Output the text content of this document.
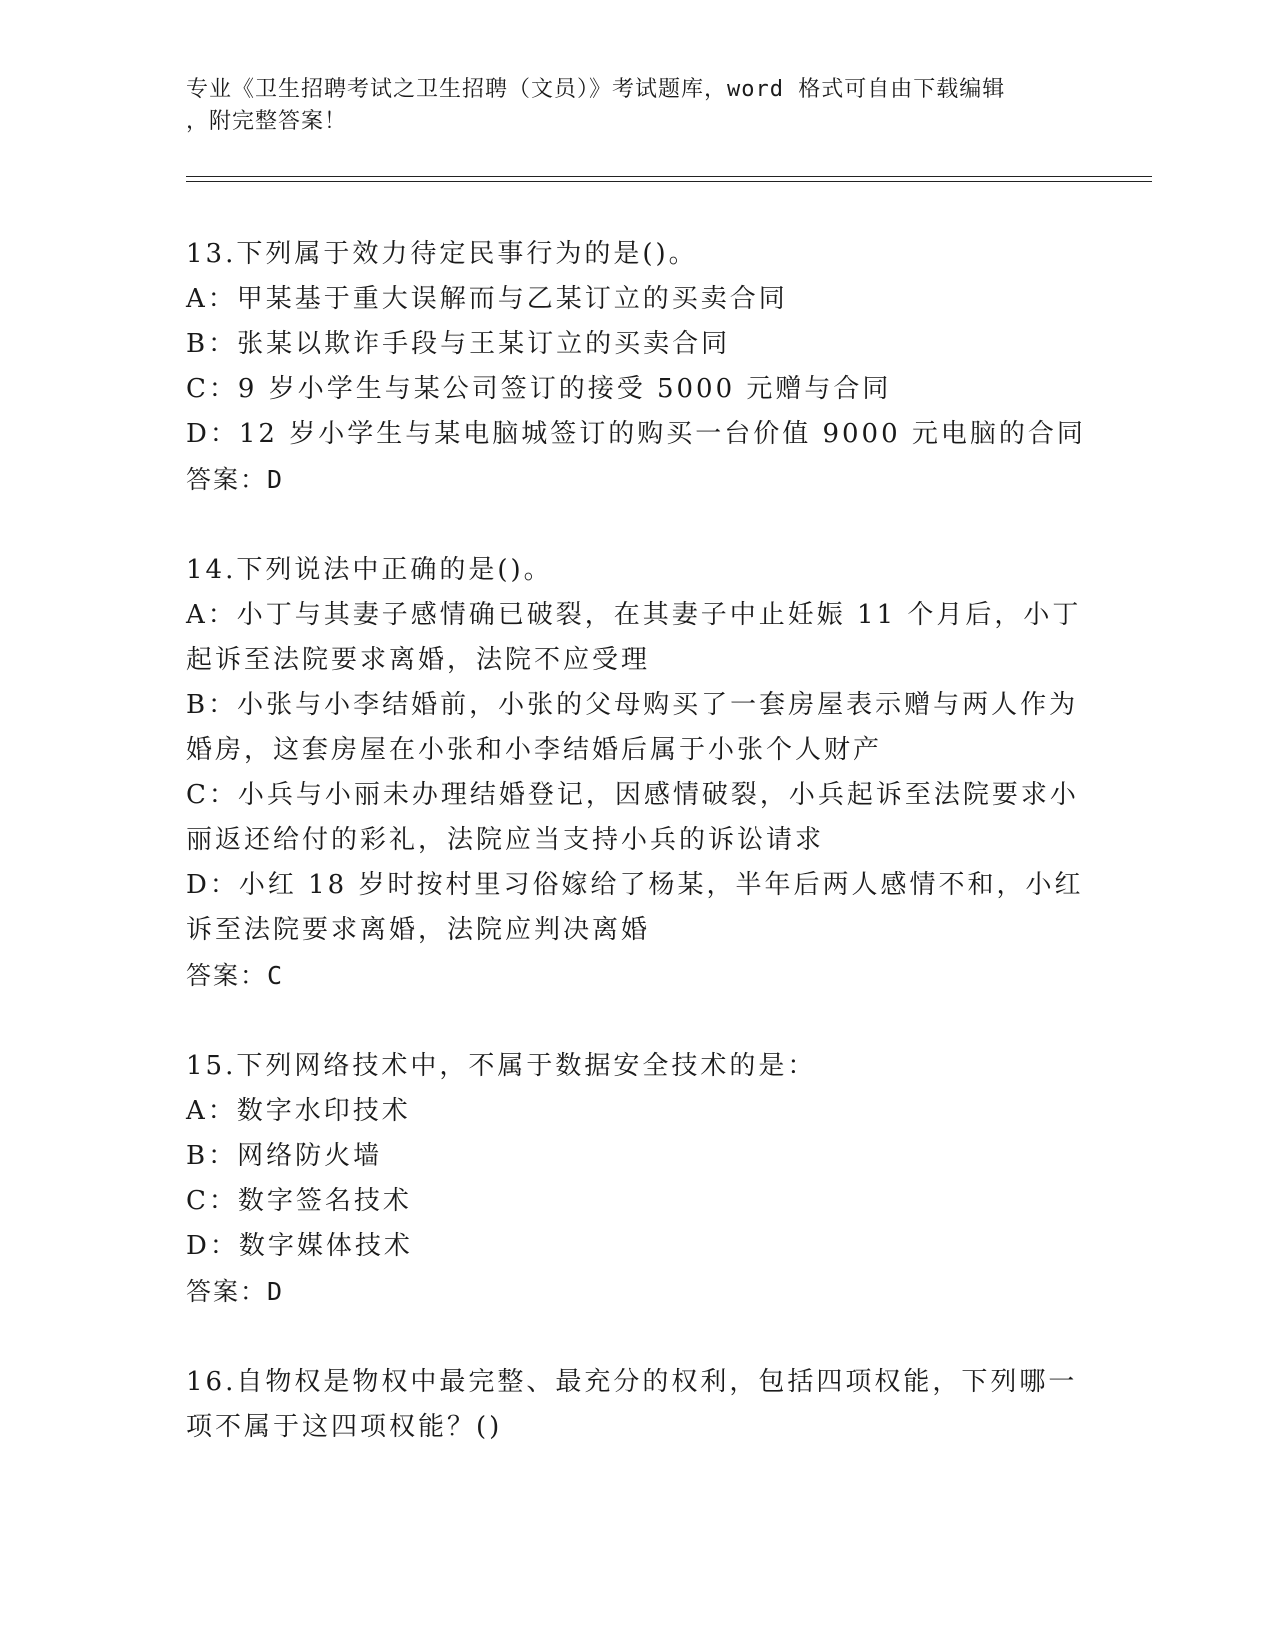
专业《卫生招聘考试之卫生招聘（文员）》考试题库，word 格式可自由下载编辑
，附完整答案！
13.下列属于效力待定民事行为的是()。
A：甲某基于重大误解而与乙某订立的买卖合同
B：张某以欺诈手段与王某订立的买卖合同
C：9 岁小学生与某公司签订的接受 5000 元赠与合同
D：12 岁小学生与某电脑城签订的购买一台价值 9000 元电脑的合同
答案：D
14.下列说法中正确的是()。
A：小丁与其妻子感情确已破裂，在其妻子中止妊娠 11 个月后，小丁
起诉至法院要求离婚，法院不应受理
B：小张与小李结婚前，小张的父母购买了一套房屋表示赠与两人作为
婚房，这套房屋在小张和小李结婚后属于小张个人财产
C：小兵与小丽未办理结婚登记，因感情破裂，小兵起诉至法院要求小
丽返还给付的彩礼，法院应当支持小兵的诉讼请求
D：小红 18 岁时按村里习俗嫁给了杨某，半年后两人感情不和，小红
诉至法院要求离婚，法院应判决离婚
答案：C
15.下列网络技术中，不属于数据安全技术的是：
A：数字水印技术
B：网络防火墙
C：数字签名技术
D：数字媒体技术
答案：D
16.自物权是物权中最完整、最充分的权利，包括四项权能，下列哪一
项不属于这四项权能？()
